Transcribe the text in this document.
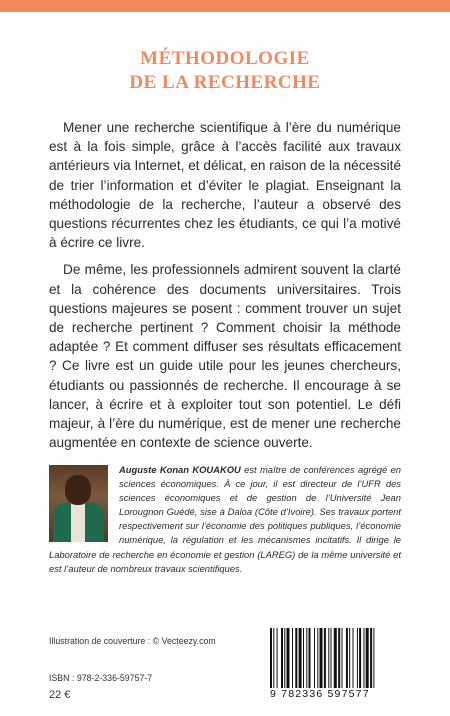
MÉTHODOLOGIE
DE LA RECHERCHE

Mener une recherche scientifique à l’ère du numérique est à la fois simple, grâce à l’accès facilité aux travaux antérieurs via Internet, et délicat, en raison de la nécessité de trier l’information et d’éviter le plagiat. Enseignant la méthodologie de la recherche, l’auteur a observé des questions récurrentes chez les étudiants, ce qui l’a motivé à écrire ce livre.

De même, les professionnels admirent souvent la clarté et la cohérence des documents universitaires. Trois questions majeures se posent : comment trouver un sujet de recherche pertinent ? Comment choisir la méthode adaptée ? Et comment diffuser ses résultats efficacement ? Ce livre est un guide utile pour les jeunes chercheurs, étudiants ou passionnés de recherche. Il encourage à se lancer, à écrire et à exploiter tout son potentiel. Le défi majeur, à l’ère du numérique, est de mener une recherche augmentée en contexte de science ouverte.

Auguste Konan KOUAKOU est maître de conférences agrégé en sciences économiques. À ce jour, il est directeur de l’UFR des sciences économiques et de gestion de l’Université Jean Lorougnon Guédé, sise à Daloa (Côte d’Ivoire). Ses travaux portent respectivement sur l’économie des politiques publiques, l’économie numérique, la régulation et les mécanismes incitatifs. Il dirige le Laboratoire de recherche en économie et gestion (LAREG) de la même université et est l’auteur de nombreux travaux scientifiques.
Illustration de couverture : © Vecteezy.com
ISBN : 978-2-336-59757-7
22 €	9 782336 597577
